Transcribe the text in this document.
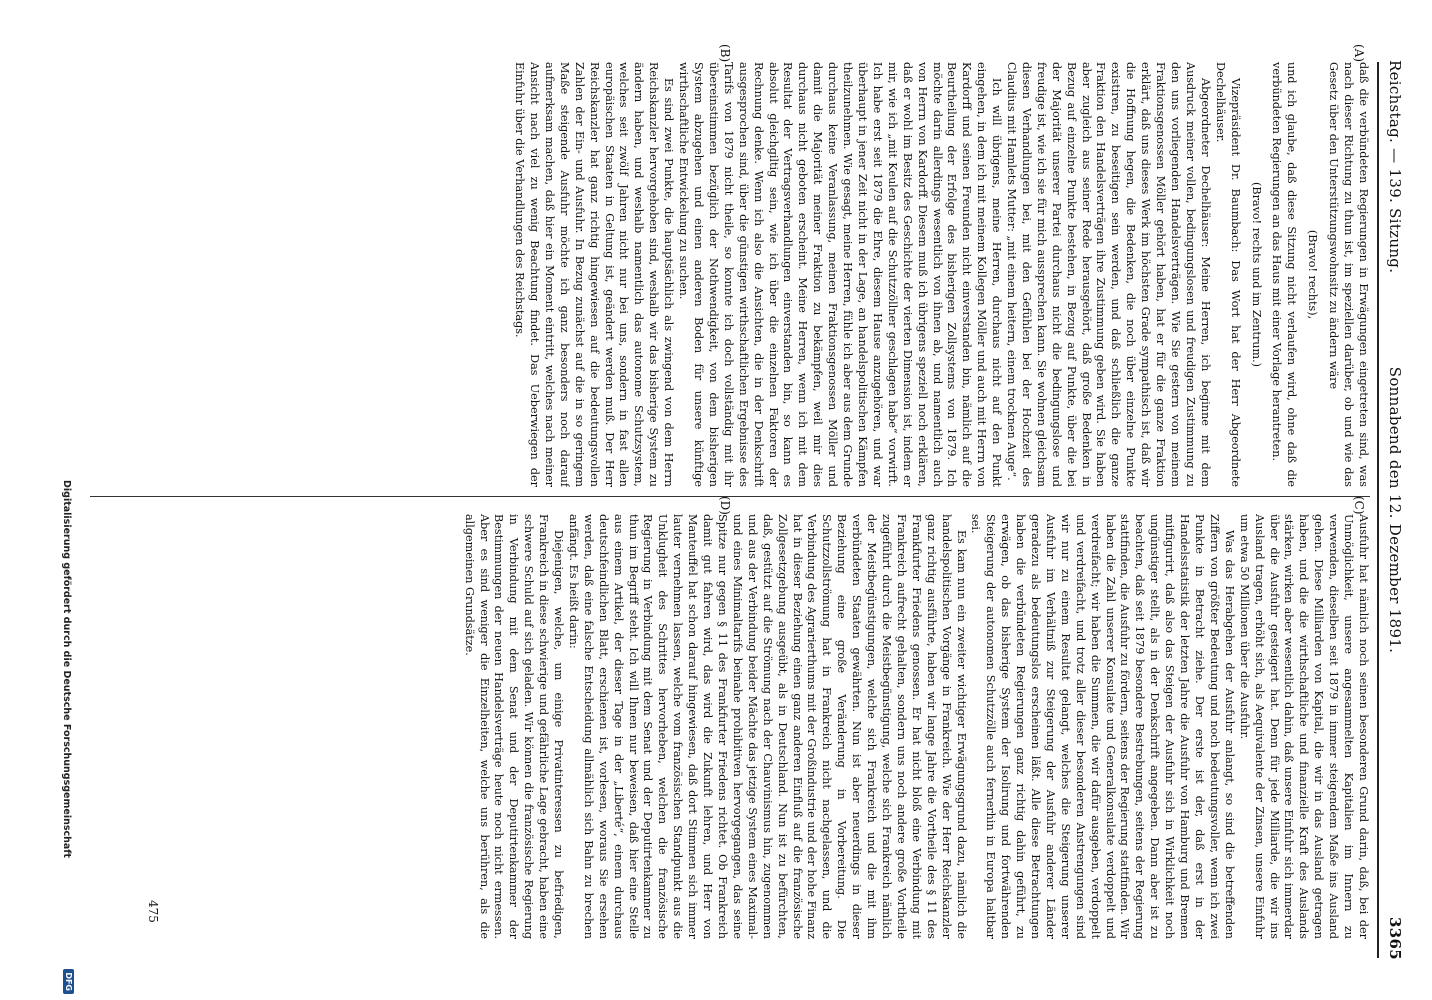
Reichstag. — 139. Sitzung.
Sonnabend den 12. Dezember 1891.
3365
(A)
(B)
(C)
(D)

daß die verbündeten Regierungen in Erwägungen eingetreten sind, was nach dieser Richtung zu thun ist, im speziellen darüber, ob und wie das Gesetz über den Unterstützungswohnsitz zu ändern wäre

(Bravo! rechts),

und ich glaube, daß diese Sitzung nicht verlaufen wird, ohne daß die verbündeten Regierungen an das Haus mit einer Vorlage herantreten.

(Bravo! rechts und im Zentrum.)

Vizepräsident Dr. Baumbach: Das Wort hat der Herr Abgeordnete Dechelhäuser.

Abgeordneter Dechelhäuser: Meine Herren, ich beginne mit dem Ausdruck meiner vollen, bedingungslosen und freudigen Zustimmung zu den uns vorliegenden Handelsverträgen. Wie Sie gestern von meinem Fraktionsgenossen Möller gehört haben, hat er für die ganze Fraktion erklärt, daß uns dieses Werk im höchsten Grade sympathisch ist, daß wir die Hoffnung hegen, die Bedenken, die noch über einzelne Punkte existiren, zu beseitigen sein werden, und daß schließlich die ganze Fraktion den Handelsverträgen ihre Zustimmung geben wird. Sie haben aber zugleich aus seiner Rede herausgehört, daß große Bedenken in Bezug auf einzelne Punkte bestehen, in Bezug auf Punkte, über die bei der Majorität unserer Partei durchaus nicht die bedingungslose und freudige ist, wie ich sie für mich aussprechen kann. Sie wohnen gleichsam diesen Verhandlungen bei, mit den Gefühlen bei der Hochzeit des Claudius mit Hamlets Mutter: „mit einem heitern, einem trocknen Auge“.

Ich will übrigens, meine Herren, durchaus nicht auf den Punkt eingehen, in dem ich mit meinem Kollegen Möller und auch mit Herrn von Kardorff und seinen Freunden nicht einverstanden bin, nämlich auf die Beurtheilung der Erfolge des bisherigen Zollsystems von 1879. Ich möchte darin allerdings wesentlich von ihnen ab, und namentlich auch von Herrn von Kardorff. Diesem muß ich übrigens speziell noch erklären, daß er wohl im Besitz des Geschichte der vierten Dimension ist, indem er mir, wie ich „mit Keulen auf die Schutzzöllner geschlagen habe“ vorwirft. Ich habe erst seit 1879 die Ehre, diesem Hause anzugehören, und war überhaupt in jener Zeit nicht in der Lage, an handelspolitischen Kämpfen theilzunehmen. Wie gesagt, meine Herren, fühle ich aber aus dem Grunde durchaus keine Veranlassung, meinen Fraktionsgenossen Möller und damit die Majorität meiner Fraktion zu bekämpfen, weil mir dies durchaus nicht geboten erscheint. Meine Herren, wenn ich mit dem Resultat der Vertragsverhandlungen einverstanden bin, so kann es absolut gleichgiltig sein, wie ich über die einzelnen Faktoren der Rechnung denke. Wenn ich also die Ansichten, die in der Denkschrift ausgesprochen sind, über die günstigen wirthschaftlichen Ergebnisse des Tarifs von 1879 nicht theile, so konnte ich doch vollständig mit ihr übereinstimmen bezüglich der Nothwendigkeit, von dem bisherigen System abzugehen und einen anderen Boden für unsere künftige wirthschaftliche Entwickelung zu suchen.

Es sind zwei Punkte, die hauptsächlich als zwingend von dem Herrn Reichskanzler hervorgehoben sind, weshalb wir das bisherige System zu ändern haben, und weshalb namentlich das autonome Schutzsystem, welches seit zwölf Jahren nicht nur bei uns, sondern in fast allen europäischen Staaten in Geltung ist, geändert werden muß. Der Herr Reichskanzler hat ganz richtig hingewiesen auf die bedeutungsvollen Zahlen der Ein- und Ausfuhr. In Bezug zunächst auf die in so geringem Maße steigende Ausfuhr möchte ich ganz besonders noch darauf aufmerksam machen, daß hier ein Moment eintritt, welches nach meiner Ansicht nach viel zu wenig Beachtung findet. Das Ueberwiegen der Einfuhr über die Verhandlungen des Reichstags.

Ausfuhr hat nämlich noch seinen besonderen Grund darin, daß, bei der Unmöglichkeit, unsere angesammelten Kapitalien im Innern zu verwenden, dieselben seit 1879 in immer steigendem Maße ins Ausland gehen. Diese Milliarden von Kapital, die wir in das Ausland getragen haben, und die die wirthschaftliche und finanzielle Kraft des Auslands stärken, wirken aber wesentlich dahin, daß unsere Einfuhr sich immerdar über die Ausfuhr gesteigert hat. Denn für jede Milliarde, die wir ins Ausland tragen, erhöht sich, als Aequivalente der Zinsen, unsere Einfuhr um etwa 50 Millionen über die Ausfuhr.

Was das Herabgehen der Ausfuhr anlangt, so sind die betreffenden Ziffern von größter Bedeutung und noch bedeutungsvoller, wenn ich zwei Punkte in Betracht ziehe. Der erste ist der, daß erst in der Handelsstatistik der letzten Jahre die Ausfuhr von Hamburg und Bremen mitfigurirt, daß also das Steigen der Ausfuhr sich in Wirklichkeit noch ungünstiger stellt, als in der Denkschrift angegeben. Dann aber ist zu beachten, daß seit 1879 besondere Bestrebungen, seitens der Regierung stattfinden, die Ausfuhr zu fördern, seitens der Regierung stattfinden. Wir haben die Zahl unserer Konsulate und Generalkonsulate verdoppelt und verdreifacht; wir haben die Summen, die wir dafür ausgeben, verdoppelt und verdreifacht, und trotz aller dieser besonderen Anstrengungen sind wir nur zu einem Resultat gelangt, welches die Steigerung unserer Ausfuhr im Verhältniß zur Steigerung der Ausfuhr anderer Länder geradezu als bedeutungslos erscheinen läßt. Alle diese Betrachtungen haben die verbündeten Regierungen ganz richtig dahin geführt, zu erwägen, ob das bisherige System der Isolirung und fortwährenden Steigerung der autonomen Schutzzölle auch fernerhin in Europa haltbar sei.

Es kam nun ein zweiter wichtiger Erwägungsgrund dazu, nämlich die handelspolitischen Vorgänge in Frankreich. Wie der Herr Reichskanzler ganz richtig ausführte, haben wir lange Jahre die Vortheile des § 11 des Frankfurter Friedens genossen. Er hat nicht bloß eine Verbindung mit Frankreich aufrecht gehalten, sondern uns noch andere große Vortheile zugeführt durch die Meistbegünstigung, welche sich Frankreich nämlich der Meistbegünstigungen, welche sich Frankreich und die mit ihm verbündeten Staaten gewährten. Nun ist aber neuerdings in dieser Beziehung eine große Veränderung in Vorbereitung. Die Schutzzollströmung hat in Frankreich nicht nachgelassen, und die Verbindung des Agrarierthums mit der Großindustrie und der hohe Finanz hat in dieser Beziehung einen ganz anderen Einfluß auf die französische Zollgesetzgebung ausgeübt, als in Deutschland. Nun ist zu befürchten, daß, gestützt auf die Strömung nach der Chauvinismus hin, zugenommen und aus der Verbindung beider Mächte das jetzige System eines Maximal- und eines Minimaltarifs beinahe prohibitiven hervorgegangen, das seine Spitze nur gegen § 11 des Frankfurter Friedens richtet. Ob Frankreich damit gut fahren wird, das wird die Zukunft lehren, und Herr von Manteuffel hat schon darauf hingewiesen, daß dort Stimmen sich immer lauter vernehmen lassen, welche vom französischen Standpunkt aus die Unklugheit des Schrittes hervorheben, welchen die französische Regierung in Verbindung mit dem Senat und der Deputirtenkammer zu thun im Begriff steht. Ich will Ihnen nur beweisen, daß hier eine Stelle aus einem Artikel, der dieser Tage in der „Liberté“, einem durchaus deutschfeindlichen Blatt, erschienen ist, vorlesen, woraus Sie ersehen werden, daß eine falsche Entscheidung allmählich sich Bahn zu brechen anfängt. Es heißt darin:

Diejenigen, welche, um einige Privatinteressen zu befriedigen, Frankreich in diese schwierige und gefährliche Lage gebracht, haben eine schwere Schuld auf sich geladen. Wir können die französische Regierung in Verbindung mit dem Senat und der Deputirtenkammer der Bestimmungen der neuen Handelsverträge heute noch nicht ermessen. Aber es sind weniger die Einzelheiten, welche uns berühren, als die allgemeinen Grundsätze.

475
Digitalisierung gefördert durch die Deutsche Forschungsgemeinschaft
DFG
